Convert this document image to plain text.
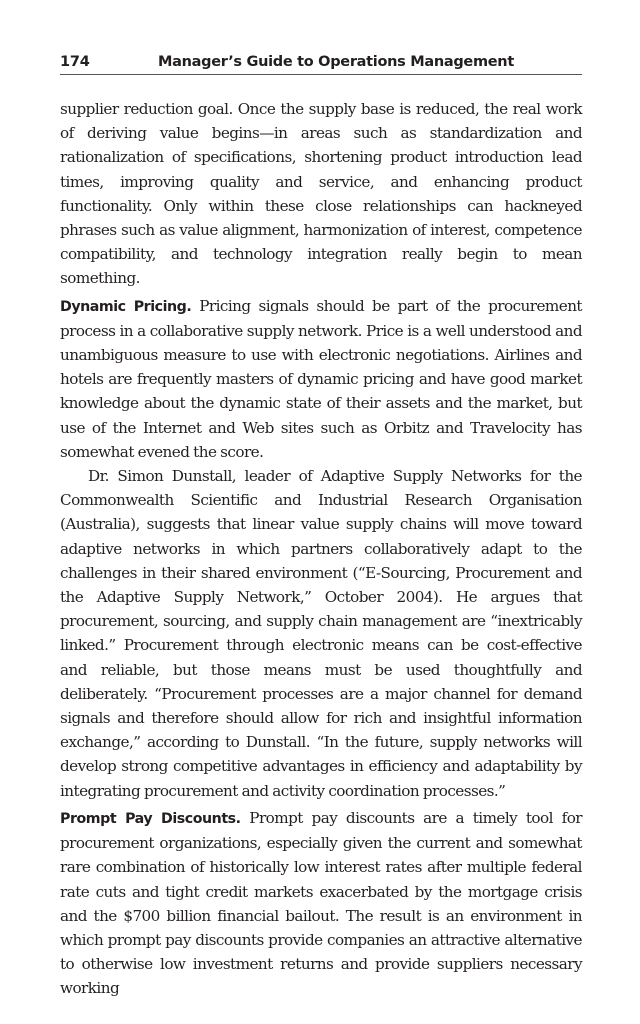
174	Manager’s Guide to Operations Management

supplier reduction goal. Once the supply base is reduced, the real work of deriving value begins—in areas such as standardization and rationalization of specifications, shortening product introduction lead times, improving quality and service, and enhancing product functionality. Only within these close relationships can hackneyed phrases such as value alignment, harmonization of interest, competence compatibility, and technology integration really begin to mean something.

Dynamic Pricing. Pricing signals should be part of the procurement process in a collaborative supply network. Price is a well understood and unambiguous measure to use with electronic negotiations. Airlines and hotels are frequently masters of dynamic pricing and have good market knowledge about the dynamic state of their assets and the market, but use of the Internet and Web sites such as Orbitz and Travelocity has somewhat evened the score.

Dr. Simon Dunstall, leader of Adaptive Supply Networks for the Commonwealth Scientific and Industrial Research Organisation (Australia), suggests that linear value supply chains will move toward adaptive networks in which partners collaboratively adapt to the challenges in their shared environment (“E-Sourcing, Procurement and the Adaptive Supply Network,” October 2004). He argues that procurement, sourcing, and supply chain management are “inextricably linked.” Procurement through electronic means can be cost-effective and reliable, but those means must be used thoughtfully and deliberately. “Procurement processes are a major channel for demand signals and therefore should allow for rich and insightful information exchange,” according to Dunstall. “In the future, supply networks will develop strong competitive advantages in efficiency and adaptability by integrating procurement and activity coordination processes.”

Prompt Pay Discounts. Prompt pay discounts are a timely tool for procurement organizations, especially given the current and somewhat rare combination of historically low interest rates after multiple federal rate cuts and tight credit markets exacerbated by the mortgage crisis and the $700 billion financial bailout. The result is an environment in which prompt pay discounts provide companies an attractive alternative to otherwise low investment returns and provide suppliers necessary working
